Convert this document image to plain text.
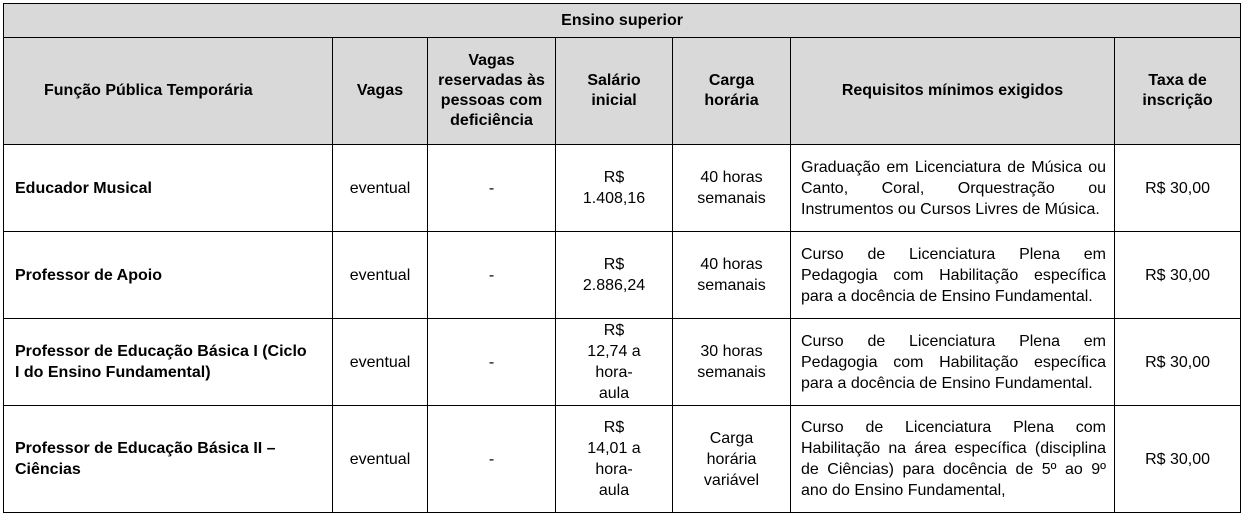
Ensino superior						
Função Pública Temporária	Vagas	Vagas reservadas às pessoas com deficiência	Salário inicial	Carga horária	Requisitos mínimos exigidos	Taxa de inscrição
Educador Musical	eventual	-	R$ 1.408,16	40 horas semanais	Graduação em Licenciatura de Música ou Canto, Coral, Orquestração ou Instrumentos ou Cursos Livres de Música.	R$ 30,00
Professor de Apoio	eventual	-	R$ 2.886,24	40 horas semanais	Curso de Licenciatura Plena em Pedagogia com Habilitação específica para a docência de Ensino Fundamental.	R$ 30,00
Professor de Educação Básica I (Ciclo I do Ensino Fundamental)	eventual	-	R$ 12,74 a hora-aula	30 horas semanais	Curso de Licenciatura Plena em Pedagogia com Habilitação específica para a docência de Ensino Fundamental.	R$ 30,00
Professor de Educação Básica II – Ciências	eventual	-	R$ 14,01 a hora-aula	Carga horária variável	Curso de Licenciatura Plena com Habilitação na área específica (disciplina de Ciências) para docência de 5º ao 9º ano do Ensino Fundamental,	R$ 30,00
